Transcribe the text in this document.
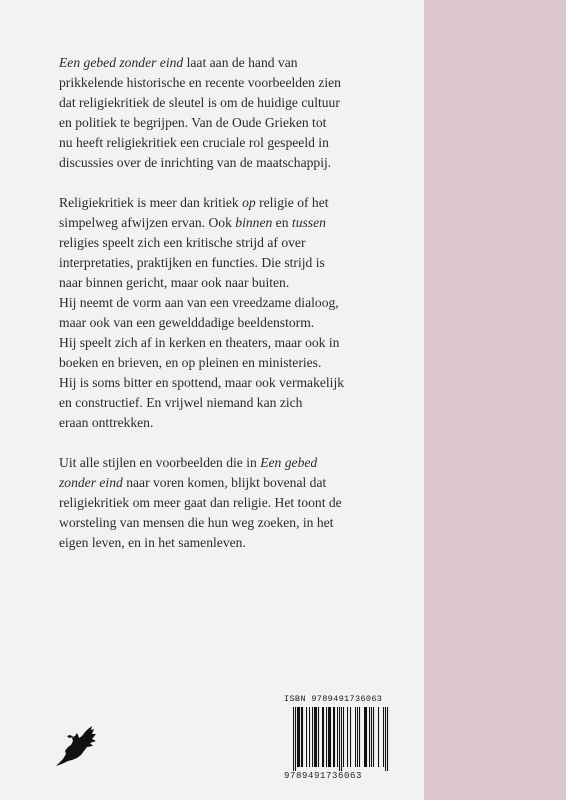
Een gebed zonder eind laat aan de hand van
prikkelende historische en recente voorbeelden zien
dat religiekritiek de sleutel is om de huidige cultuur
en politiek te begrijpen. Van de Oude Grieken tot
nu heeft religiekritiek een cruciale rol gespeeld in
discussies over de inrichting van de maatschappij.

Religiekritiek is meer dan kritiek op religie of het
simpelweg afwijzen ervan. Ook binnen en tussen
religies speelt zich een kritische strijd af over
interpretaties, praktijken en functies. Die strijd is
naar binnen gericht, maar ook naar buiten.
Hij neemt de vorm aan van een vreedzame dialoog,
maar ook van een gewelddadige beeldenstorm.
Hij speelt zich af in kerken en theaters, maar ook in
boeken en brieven, en op pleinen en ministeries.
Hij is soms bitter en spottend, maar ook vermakelijk
en constructief. En vrijwel niemand kan zich
eraan onttrekken.

Uit alle stijlen en voorbeelden die in Een gebed
zonder eind naar voren komen, blijkt bovenal dat
religiekritiek om meer gaat dan religie. Het toont de
worsteling van mensen die hun weg zoeken, in het
eigen leven, en in het samenleven.

ISBN 9789491736063
9789491736063
